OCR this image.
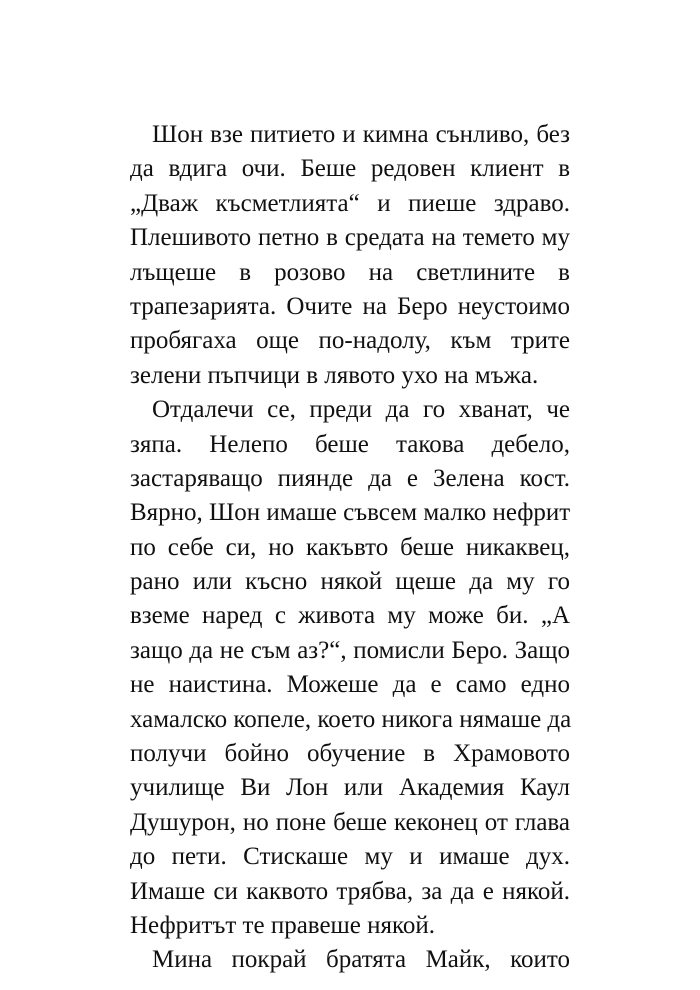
Шон взе питието и кимна сънливо, без
да вдига очи. Беше редовен клиент в
„Дваж късметлията“ и пиеше здраво.
Плешивото петно в средата на темето му
лъщеше в розово на светлините в
трапезарията. Очите на Беро неустоимо
пробягаха още по-надолу, към трите
зелени пъпчици в лявото ухо на мъжа.
Отдалечи се, преди да го хванат, че
зяпа. Нелепо беше такова дебело,
застаряващо пиянде да е Зелена кост.
Вярно, Шон имаше съвсем малко нефрит
по себе си, но какъвто беше никаквец,
рано или късно някой щеше да му го
вземе наред с живота му може би. „А
защо да не съм аз?“, помисли Беро. Защо
не наистина. Можеше да е само едно
хамалско копеле, което никога нямаше да
получи бойно обучение в Храмовото
училище Ви Лон или Академия Каул
Душурон, но поне беше кеконец от глава
до пети. Стискаше му и имаше дух.
Имаше си каквото трябва, за да е някой.
Нефритът те правеше някой.
Мина покрай братята Майк, които
